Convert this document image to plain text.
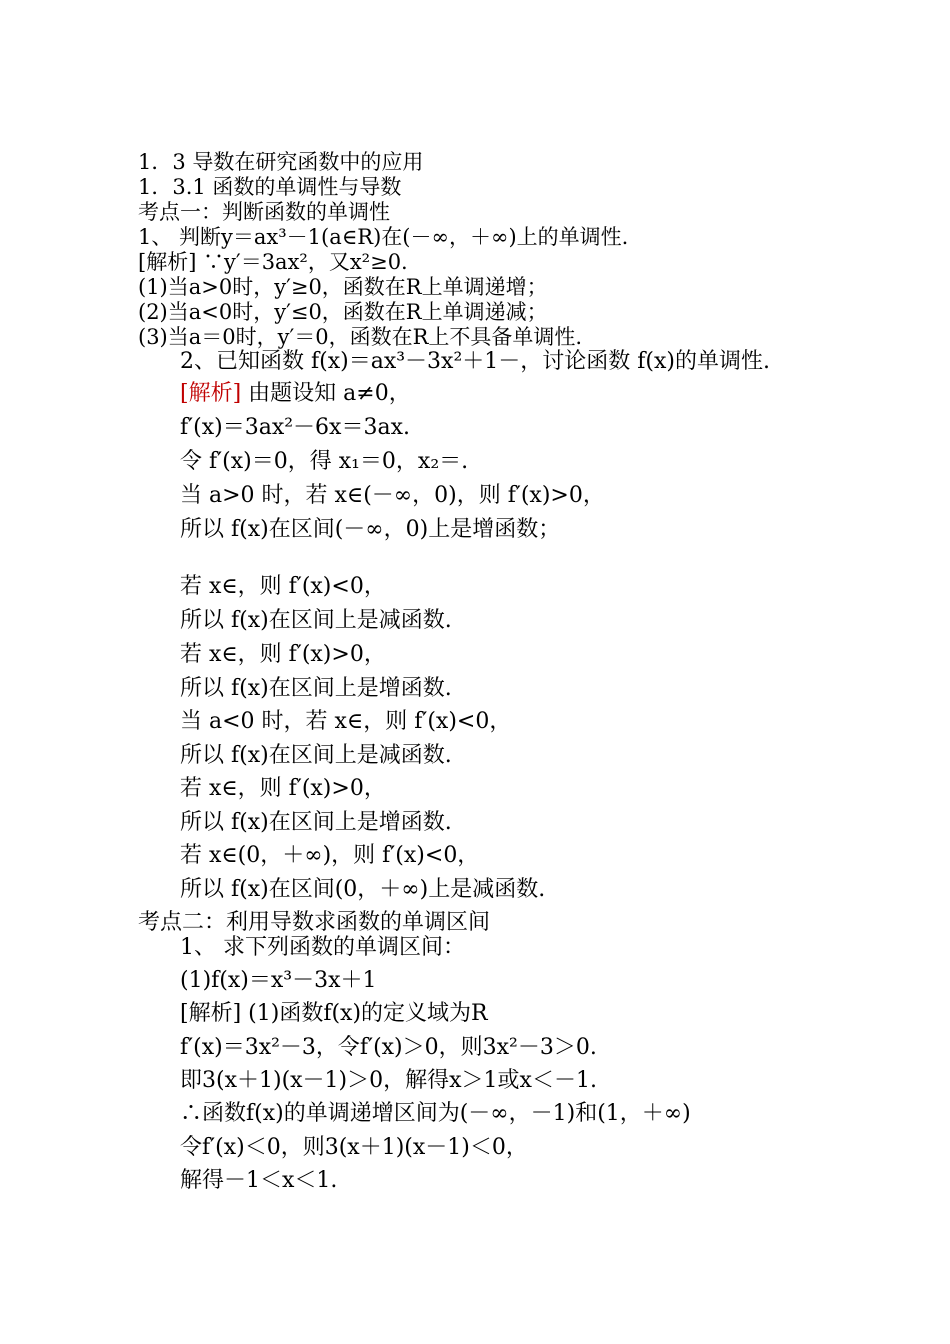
1．3 导数在研究函数中的应用
1．3.1 函数的单调性与导数
考点一：判断函数的单调性
1、 判断y＝ax³－1(a∈R)在(－∞，＋∞)上的单调性.
[解析] ∵y′＝3ax²，又x²≥0.
(1)当a>0时，y′≥0，函数在R上单调递增；
(2)当a<0时，y′≤0，函数在R上单调递减；
(3)当a＝0时，y′＝0，函数在R上不具备单调性.
2、已知函数 f(x)＝ax³－3x²＋1－，讨论函数 f(x)的单调性.
[解析] 由题设知 a≠0，
f′(x)＝3ax²－6x＝3ax.
令 f′(x)＝0，得 x₁＝0，x₂＝.
当 a>0 时，若 x∈(－∞，0)，则 f′(x)>0，
所以 f(x)在区间(－∞，0)上是增函数；
若 x∈，则 f′(x)<0，
所以 f(x)在区间上是减函数.
若 x∈，则 f′(x)>0，
所以 f(x)在区间上是增函数.
当 a<0 时，若 x∈，则 f′(x)<0，
所以 f(x)在区间上是减函数.
若 x∈，则 f′(x)>0，
所以 f(x)在区间上是增函数.
若 x∈(0，＋∞)，则 f′(x)<0，
所以 f(x)在区间(0，＋∞)上是减函数.
考点二：利用导数求函数的单调区间
1、 求下列函数的单调区间：
(1)f(x)＝x³－3x＋1
[解析] (1)函数f(x)的定义域为R
f′(x)＝3x²－3，令f′(x)＞0，则3x²－3＞0.
即3(x＋1)(x－1)＞0，解得x＞1或x＜－1.
∴函数f(x)的单调递增区间为(－∞，－1)和(1，＋∞)
令f′(x)＜0，则3(x＋1)(x－1)＜0，
解得－1＜x＜1.
